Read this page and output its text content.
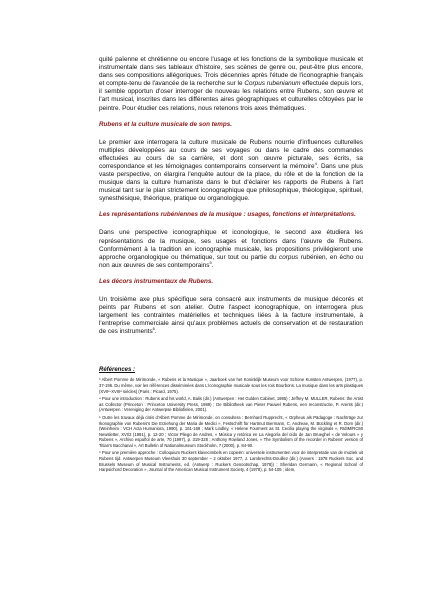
quité païenne et chrétienne ou encore l'usage et les fonctions de la symbolique musicale et instrumentale dans ses tableaux d'histoire, ses scènes de genre ou, peut-être plus encore, dans ses compositions allégoriques. Trois décennies après l'étude de l'iconographie français et compte-tenu de l'avancée de la recherche sur le Corpus rubenianum effectuée depuis lors, il semble opportun d'oser interroger de nouveau les relations entre Rubens, son œuvre et l'art musical, inscrites dans les différentes aires géographiques et culturelles côtoyées par le peintre. Pour étudier ces relations, nous retenons trois axes thématiques.

Rubens et la culture musicale de son temps.

Le premier axe interrogera la culture musicale de Rubens nourrie d'influences culturelles multiples développées au cours de ses voyages ou dans le cadre des commandes effectuées au cours de sa carrière, et dont son œuvre picturale, ses écrits, sa correspondance et les témoignages contemporains conservent la mémoire$^4$. Dans une plus vaste perspective, on élargira l'enquête autour de la place, du rôle et de la fonction de la musique dans la culture humaniste dans le but d'éclairer les rapports de Rubens à l'art musical tant sur le plan strictement iconographique que philosophique, théologique, spirituel, synesthésique, théorique, pratique ou organologique.

Les représentations rubéniennes de la musique : usages, fonctions et interprétations.

Dans une perspective iconographique et iconologique, le second axe étudiera les représentations de la musique, ses usages et fonctions dans l'œuvre de Rubens. Conformément à la tradition en iconographie musicale, les propositions privilégieront une approche organologique ou thématique, sur tout ou partie du corpus rubénien, en écho ou non aux œuvres de ses contemporains$^5$.

Les décors instrumentaux de Rubens.

Un troisième axe plus spécifique sera consacré aux instruments de musique décorés et peints par Rubens et son atelier. Outre l'aspect iconographique, on interrogera plus largement les contraintes matérielles et techniques liées à la facture instrumentale, à l'entreprise commerciale ainsi qu'aux problèmes actuels de conservation et de restauration de ces instruments$^6$.

Références :

³ Albert Pomme de Mirimonde, « Rubens et la Musique », Jaarboek van het Koninklijk Museum voor Schone Kunsten Antwerpen, (1977), p. 37-196. Du même, voir les références disséminées dans L'iconographie musicale sous les rois Bourbons. La musique dans les arts plastiques (XVIIᵉ-XVIIIᵉ siècles) (Paris : Picard, 1975).

⁴ Pour une introduction : Rubens and his world, A. Balis (dir.) (Antwerpen : Het Gulden Cabinet, 1985) ; Jeffrey M. MULLER, Rubens: the Artist as Collector (Princeton : Princeton University Press, 1989) ; De Bibliotheek van Pieter Pauwel Rubens, een reconstructie, P. Arents (dir.) (Antwerpen : Vereniging der Antwerpse Bibliofielen, 2001).

⁵ Outre les travaux déjà cités d'Albert Pomme de Mirimonde, on consultera : Bernhard Rupprecht, « Orpheus als Pädagoge : Nachträge zur Ikonographie von Rubens's Die Erziehung der Maria de Medici », Festschrift für Hartmut Biermann, C. Andreae, M. Bückling et R. Dorn (dir.) (Weinheim : VCH Acta Humaniora, 1990), p. 161-169 ; Mark Lindley, « Helene Fourment as St. Cecilia playing the virginals », RIdIM/RCMI Newsletter, XVI/2 (1991), p. 12-20 ; Victor Pliego de Andres, « Música y retórica en La Alegoría del oído de Jan Brueghel « de Velours » y Rubens », Archivo español de arte, 70 (1997), p. 319-328 ; Anthony Rowland Jones, « The Symbolism of the recorder in Rubens' version of Titian's Bacchanal », Art Bulletin of Nationalmuseum Stockholm, 7 (2000), p. 84-90.

⁶ Pour une première approche : Colloquium Ruckers klavecimbels en copieën: universele instrumenten voor de interpretatie van de muziek uit Rubens tijd. Antwerpen Museum Vleeshuis 30 september – 2 oktober 1977, J. Lambrechts-Douillez (dir.) (Anvers : 1978 Ruckers Soc. and Brussels Museum of Musical Instruments, ed. (Antwerp : Ruckers Genootschap, 1978)) ; Sheridan Germann, « Regional School of Harpsichord Decoration », Journal of the American Musical Instrument Society, 4 (1978), p. 54-105 ; idem,
